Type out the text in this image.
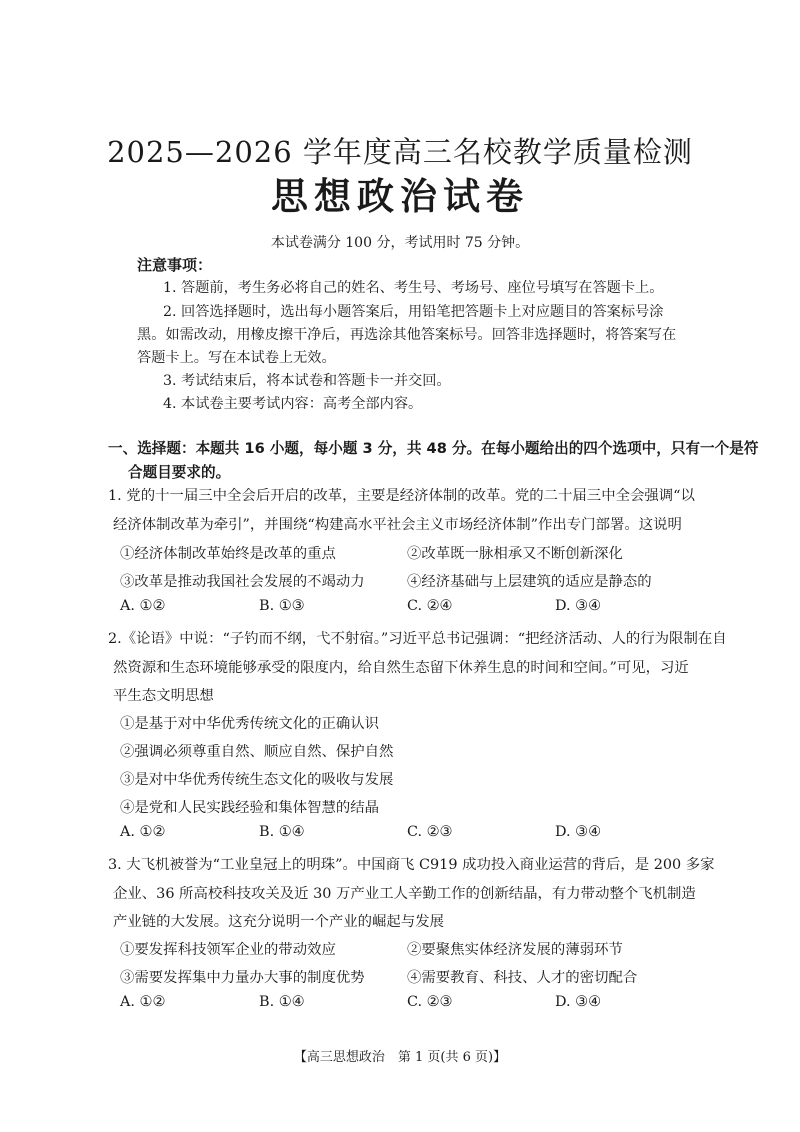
2025—2026 学年度高三名校教学质量检测
思想政治试卷
本试卷满分 100 分，考试用时 75 分钟。
注意事项：
1. 答题前，考生务必将自己的姓名、考生号、考场号、座位号填写在答题卡上。
2. 回答选择题时，选出每小题答案后，用铅笔把答题卡上对应题目的答案标号涂
黑。如需改动，用橡皮擦干净后，再选涂其他答案标号。回答非选择题时，将答案写在
答题卡上。写在本试卷上无效。
3. 考试结束后，将本试卷和答题卡一并交回。
4. 本试卷主要考试内容：高考全部内容。
一、选择题：本题共 16 小题，每小题 3 分，共 48 分。在每小题给出的四个选项中，只有一个是符
合题目要求的。
1. 党的十一届三中全会后开启的改革，主要是经济体制的改革。党的二十届三中全会强调“以
经济体制改革为牵引”，并围绕“构建高水平社会主义市场经济体制”作出专门部署。这说明
①经济体制改革始终是改革的重点	②改革既一脉相承又不断创新深化
③改革是推动我国社会发展的不竭动力	④经济基础与上层建筑的适应是静态的
A. ①②	B. ①③	C. ②④	D. ③④
2.《论语》中说：“子钓而不纲，弋不射宿。”习近平总书记强调：“把经济活动、人的行为限制在自
然资源和生态环境能够承受的限度内，给自然生态留下休养生息的时间和空间。”可见，习近
平生态文明思想
①是基于对中华优秀传统文化的正确认识
②强调必须尊重自然、顺应自然、保护自然
③是对中华优秀传统生态文化的吸收与发展
④是党和人民实践经验和集体智慧的结晶
A. ①②	B. ①④	C. ②③	D. ③④
3. 大飞机被誉为“工业皇冠上的明珠”。中国商飞 C919 成功投入商业运营的背后，是 200 多家
企业、36 所高校科技攻关及近 30 万产业工人辛勤工作的创新结晶，有力带动整个飞机制造
产业链的大发展。这充分说明一个产业的崛起与发展
①要发挥科技领军企业的带动效应	②要聚焦实体经济发展的薄弱环节
③需要发挥集中力量办大事的制度优势	④需要教育、科技、人才的密切配合
A. ①②	B. ①④	C. ②③	D. ③④
【高三思想政治　第 1 页(共 6 页)】
